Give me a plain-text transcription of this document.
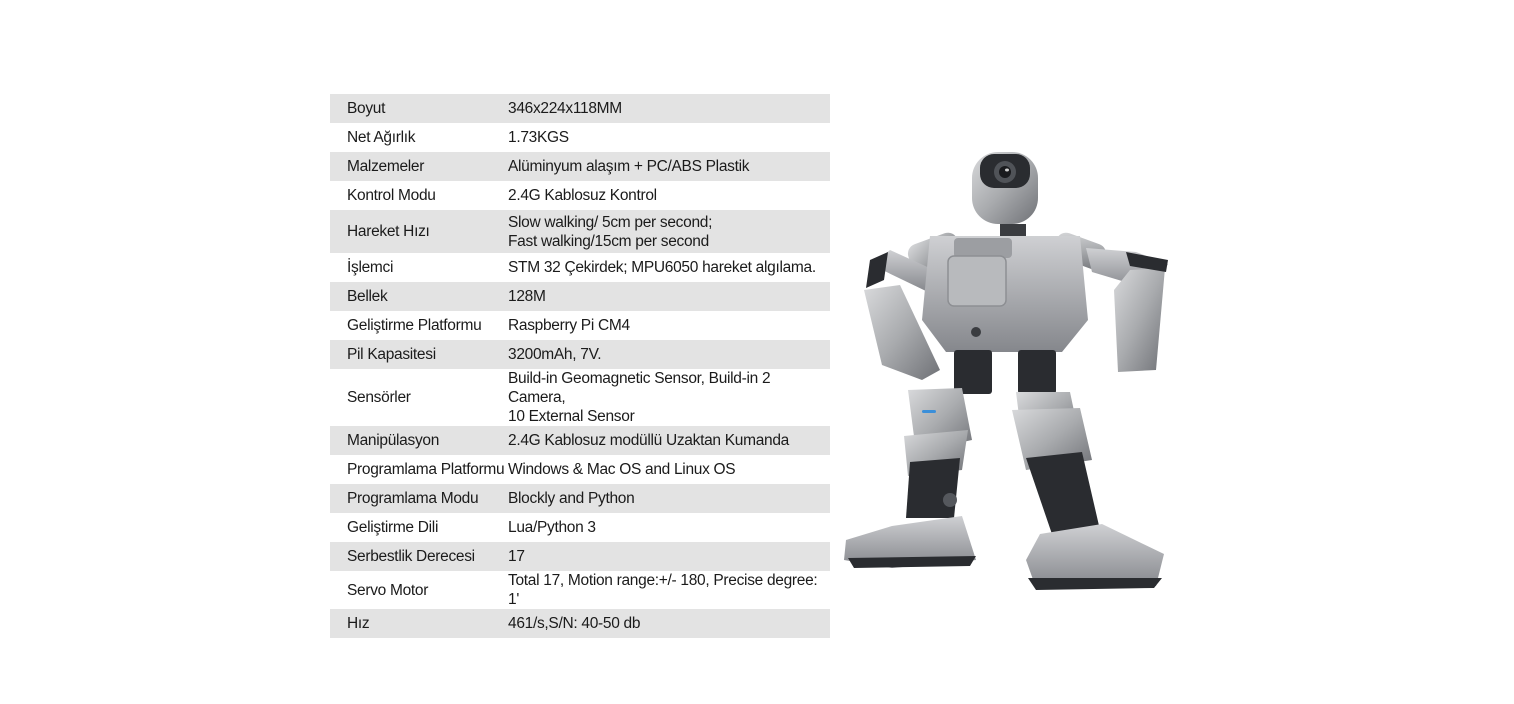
Boyut	346x224x118MM
Net Ağırlık	1.73KGS
Malzemeler	Alüminyum alaşım + PC/ABS Plastik
Kontrol Modu	2.4G Kablosuz Kontrol
Hareket Hızı	Slow walking/ 5cm per second;
Fast walking/15cm per second
İşlemci	STM 32 Çekirdek; MPU6050 hareket algılama.
Bellek	128M
Geliştirme Platformu	Raspberry Pi CM4
Pil Kapasitesi	3200mAh, 7V.
Sensörler	Build-in Geomagnetic Sensor, Build-in 2 Camera,
10 External Sensor
Manipülasyon	2.4G Kablosuz modüllü Uzaktan Kumanda
Programlama Platformu	Windows & Mac OS and Linux OS
Programlama Modu	Blockly and Python
Geliştirme Dili	Lua/Python 3
Serbestlik Derecesi	17
Servo Motor	Total 17, Motion range:+/- 180, Precise degree: 1'
Hız	461/s,S/N: 40-50 db
